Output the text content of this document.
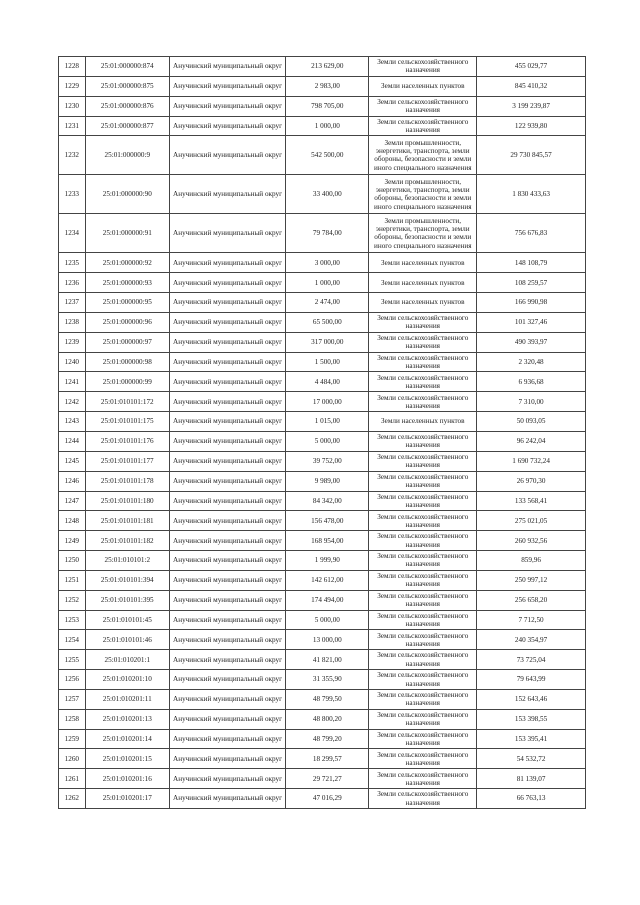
1228	25:01:000000:874	Анучинский муниципальный округ	213 629,00	Земли сельскохозяйственного назначения	455 029,77
1229	25:01:000000:875	Анучинский муниципальный округ	2 983,00	Земли населенных пунктов	845 410,32
1230	25:01:000000:876	Анучинский муниципальный округ	798 705,00	Земли сельскохозяйственного назначения	3 199 239,87
1231	25:01:000000:877	Анучинский муниципальный округ	1 000,00	Земли сельскохозяйственного назначения	122 939,80
1232	25:01:000000:9	Анучинский муниципальный округ	542 500,00	Земли промышленности, энергетики, транспорта, земли обороны, безопасности и земли иного специального назначения	29 730 845,57
1233	25:01:000000:90	Анучинский муниципальный округ	33 400,00	Земли промышленности, энергетики, транспорта, земли обороны, безопасности и земли иного специального назначения	1 830 433,63
1234	25:01:000000:91	Анучинский муниципальный округ	79 784,00	Земли промышленности, энергетики, транспорта, земли обороны, безопасности и земли иного специального назначения	756 676,83
1235	25:01:000000:92	Анучинский муниципальный округ	3 000,00	Земли населенных пунктов	148 108,79
1236	25:01:000000:93	Анучинский муниципальный округ	1 000,00	Земли населенных пунктов	108 259,57
1237	25:01:000000:95	Анучинский муниципальный округ	2 474,00	Земли населенных пунктов	166 990,98
1238	25:01:000000:96	Анучинский муниципальный округ	65 500,00	Земли сельскохозяйственного назначения	101 327,46
1239	25:01:000000:97	Анучинский муниципальный округ	317 000,00	Земли сельскохозяйственного назначения	490 393,97
1240	25:01:000000:98	Анучинский муниципальный округ	1 500,00	Земли сельскохозяйственного назначения	2 320,48
1241	25:01:000000:99	Анучинский муниципальный округ	4 484,00	Земли сельскохозяйственного назначения	6 936,68
1242	25:01:010101:172	Анучинский муниципальный округ	17 000,00	Земли сельскохозяйственного назначения	7 310,00
1243	25:01:010101:175	Анучинский муниципальный округ	1 015,00	Земли населенных пунктов	50 093,05
1244	25:01:010101:176	Анучинский муниципальный округ	5 000,00	Земли сельскохозяйственного назначения	96 242,04
1245	25:01:010101:177	Анучинский муниципальный округ	39 752,00	Земли сельскохозяйственного назначения	1 690 732,24
1246	25:01:010101:178	Анучинский муниципальный округ	9 989,00	Земли сельскохозяйственного назначения	26 970,30
1247	25:01:010101:180	Анучинский муниципальный округ	84 342,00	Земли сельскохозяйственного назначения	133 568,41
1248	25:01:010101:181	Анучинский муниципальный округ	156 478,00	Земли сельскохозяйственного назначения	275 021,05
1249	25:01:010101:182	Анучинский муниципальный округ	168 954,00	Земли сельскохозяйственного назначения	260 932,56
1250	25:01:010101:2	Анучинский муниципальный округ	1 999,90	Земли сельскохозяйственного назначения	859,96
1251	25:01:010101:394	Анучинский муниципальный округ	142 612,00	Земли сельскохозяйственного назначения	250 997,12
1252	25:01:010101:395	Анучинский муниципальный округ	174 494,00	Земли сельскохозяйственного назначения	256 658,20
1253	25:01:010101:45	Анучинский муниципальный округ	5 000,00	Земли сельскохозяйственного назначения	7 712,50
1254	25:01:010101:46	Анучинский муниципальный округ	13 000,00	Земли сельскохозяйственного назначения	240 354,97
1255	25:01:010201:1	Анучинский муниципальный округ	41 821,00	Земли сельскохозяйственного назначения	73 725,04
1256	25:01:010201:10	Анучинский муниципальный округ	31 355,90	Земли сельскохозяйственного назначения	79 643,99
1257	25:01:010201:11	Анучинский муниципальный округ	48 799,50	Земли сельскохозяйственного назначения	152 643,46
1258	25:01:010201:13	Анучинский муниципальный округ	48 800,20	Земли сельскохозяйственного назначения	153 398,55
1259	25:01:010201:14	Анучинский муниципальный округ	48 799,20	Земли сельскохозяйственного назначения	153 395,41
1260	25:01:010201:15	Анучинский муниципальный округ	18 299,57	Земли сельскохозяйственного назначения	54 532,72
1261	25:01:010201:16	Анучинский муниципальный округ	29 721,27	Земли сельскохозяйственного назначения	81 139,07
1262	25:01:010201:17	Анучинский муниципальный округ	47 016,29	Земли сельскохозяйственного назначения	66 763,13
